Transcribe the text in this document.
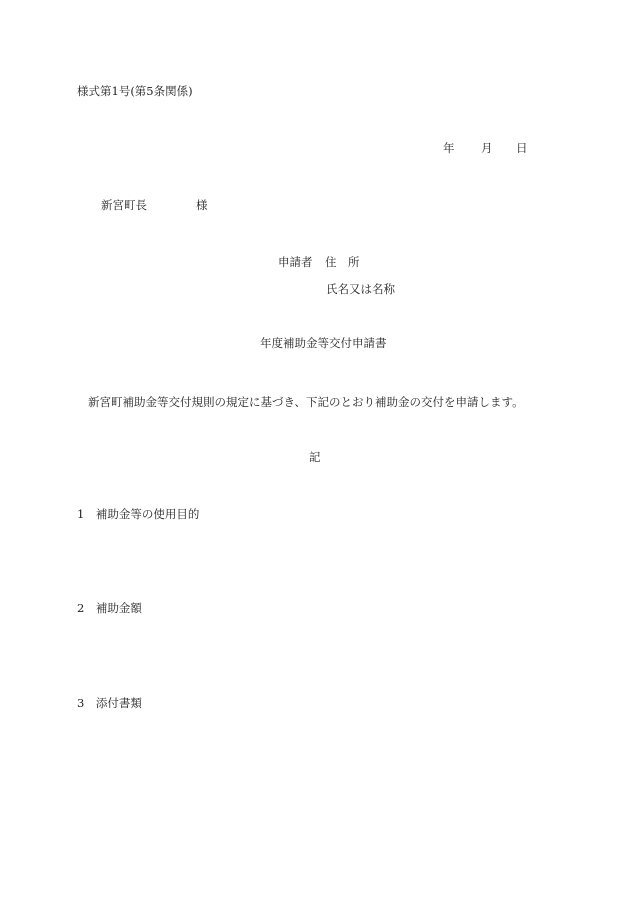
様式第1号(第5条関係)
年 月 日
新宮町長	様
申請者 住　所
氏名又は名称
年度補助金等交付申請書
新宮町補助金等交付規則の規定に基づき、下記のとおり補助金の交付を申請します。
記
1　補助金等の使用目的
2　補助金額
3　添付書類
